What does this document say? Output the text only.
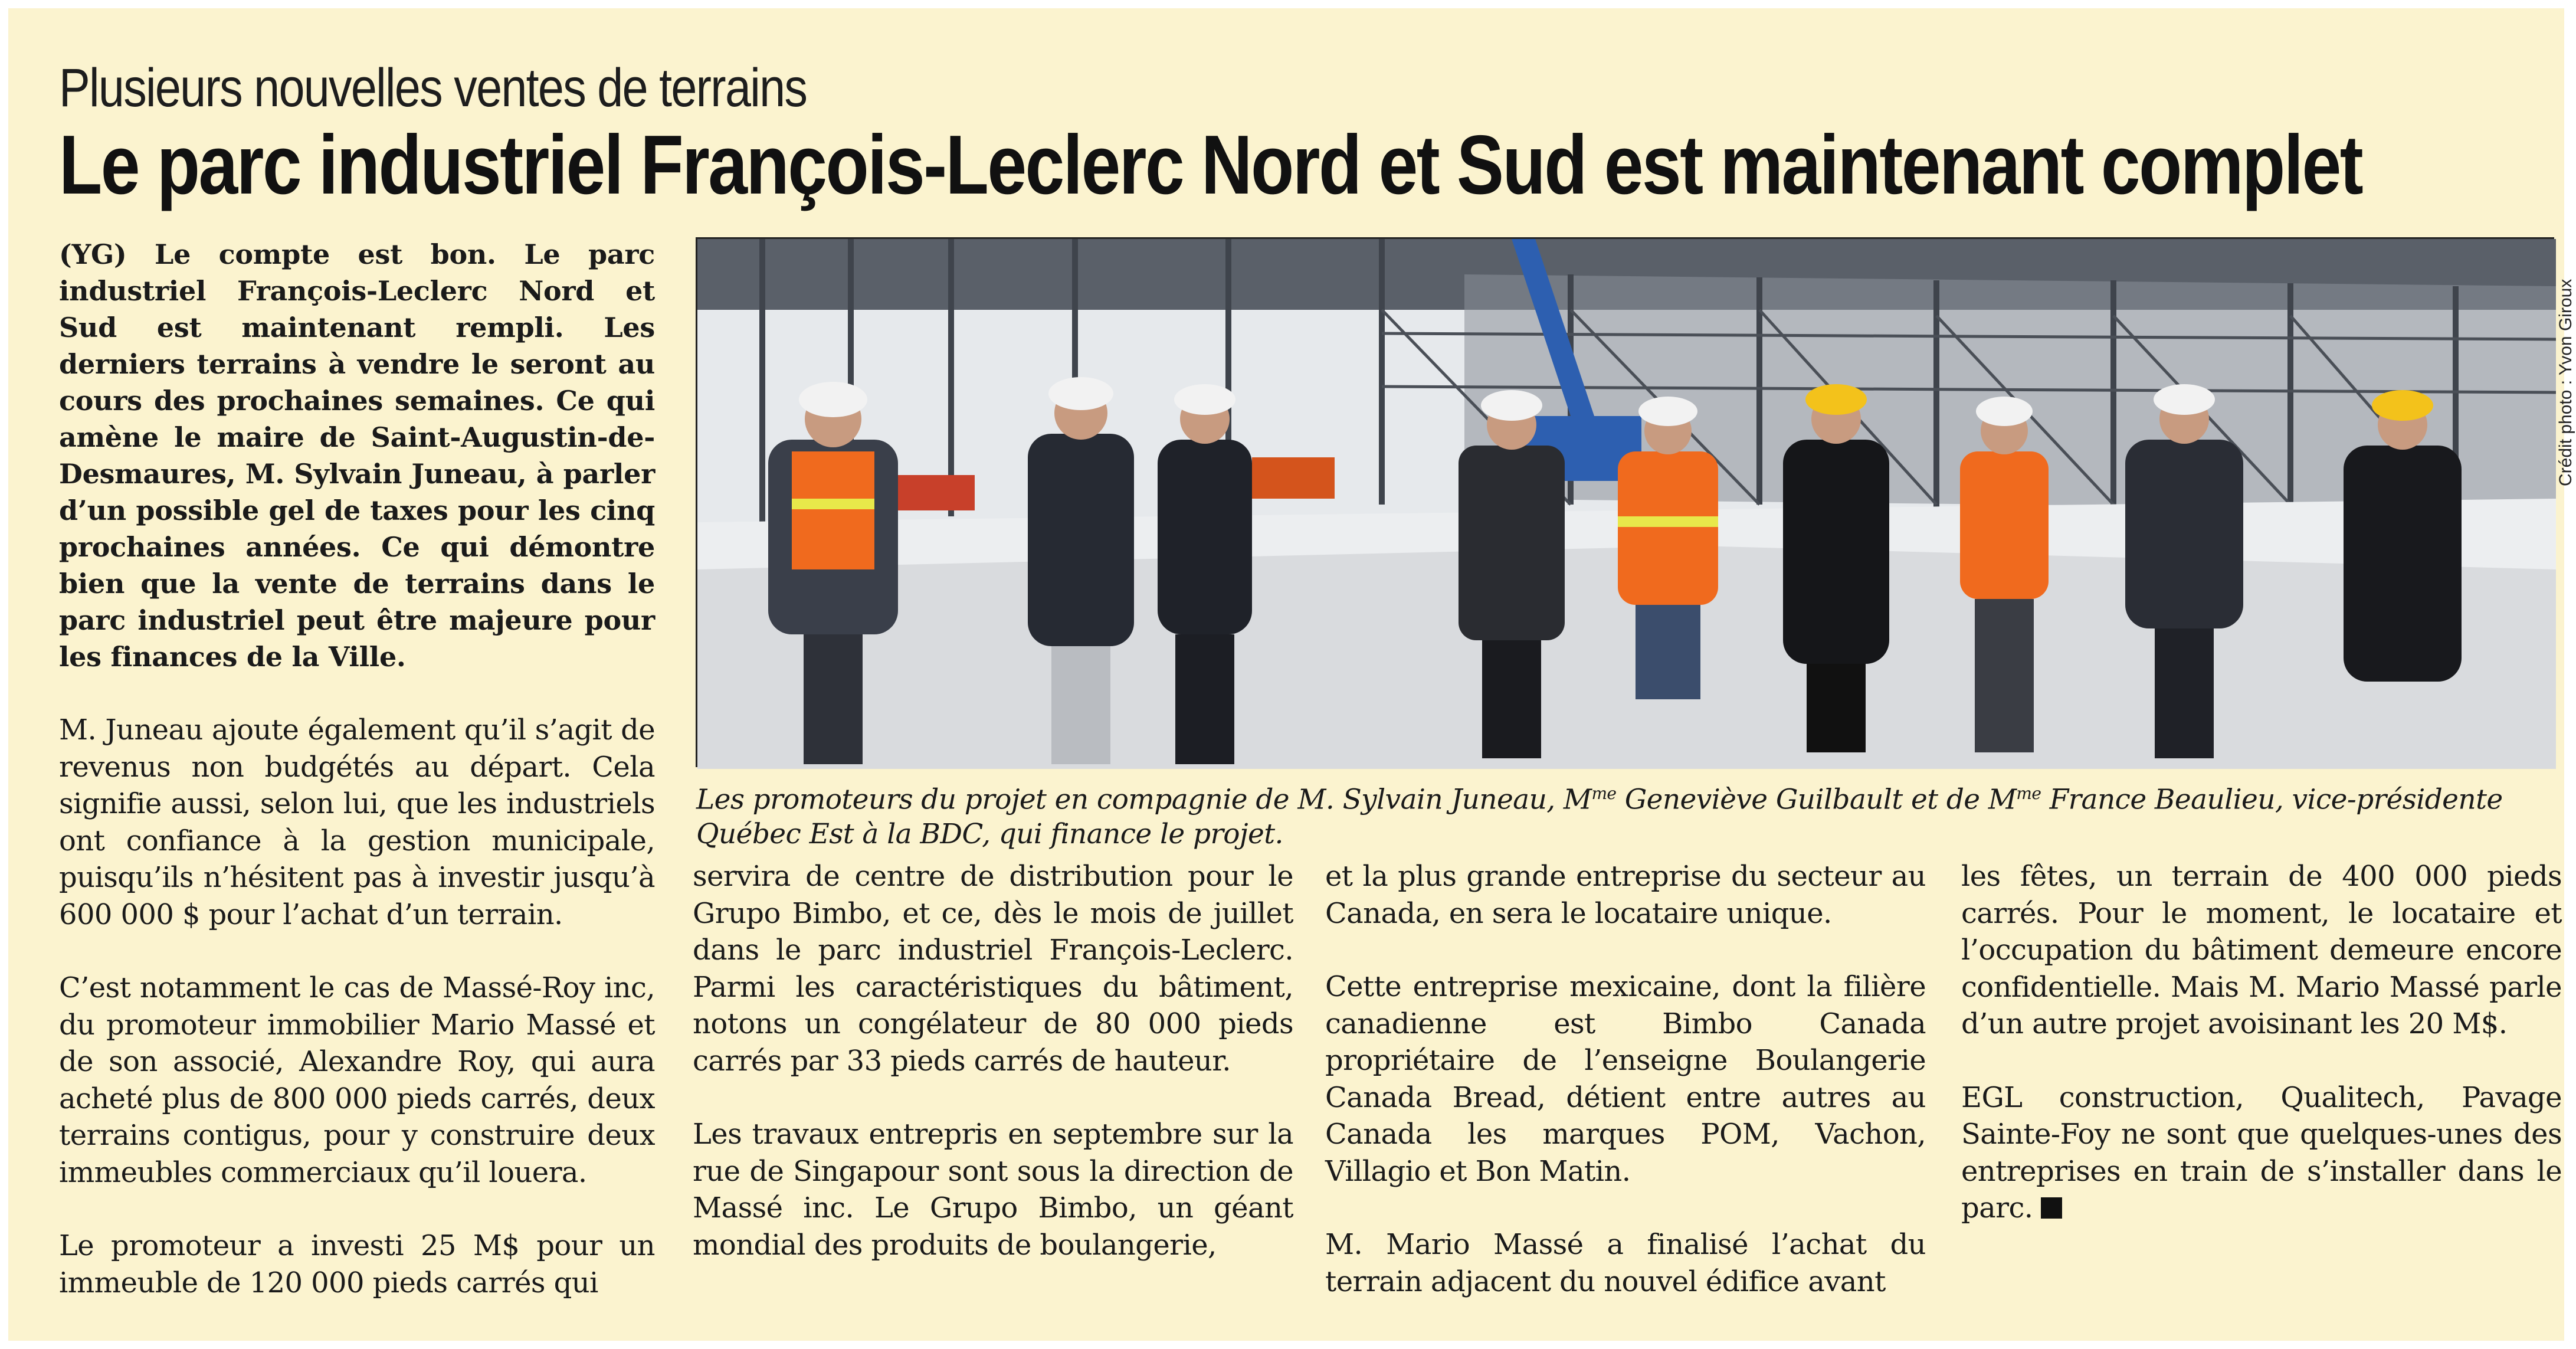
Plusieurs nouvelles ventes de terrains
Le parc industriel François-Leclerc Nord et Sud est maintenant complet
(YG) Le compte est bon. Le parc industriel François-Leclerc Nord et Sud est maintenant rempli. Les derniers terrains à vendre le seront au cours des prochaines semaines. Ce qui amène le maire de Saint-Augustin-de-Desmaures, M. Sylvain Juneau, à parler d’un possible gel de taxes pour les cinq prochaines années. Ce qui démontre bien que la vente de terrains dans le parc industriel peut être majeure pour les finances de la Ville.

M. Juneau ajoute également qu’il s’agit de revenus non budgétés au départ. Cela signifie aussi, selon lui, que les industriels ont confiance à la gestion municipale, puisqu’ils n’hésitent pas à investir jusqu’à 600 000 $ pour l’achat d’un terrain.

C’est notamment le cas de Massé-Roy inc, du promoteur immobilier Mario Massé et de son associé, Alexandre Roy, qui aura acheté plus de 800 000 pieds carrés, deux terrains contigus, pour y construire deux immeubles commerciaux qu’il louera.

Le promoteur a investi 25 M$ pour un immeuble de 120 000 pieds carrés qui

Crédit photo : Yvon Giroux
Les promoteurs du projet en compagnie de M. Sylvain Juneau, $M^{me}$ Geneviève Guilbault et de $M^{me}$ France Beaulieu, vice-présidente Québec Est à la BDC, qui finance le projet.

servira de centre de distribution pour le Grupo Bimbo, et ce, dès le mois de juillet dans le parc industriel François-Leclerc. Parmi les caractéristiques du bâtiment, notons un congélateur de 80 000 pieds carrés par 33 pieds carrés de hauteur.

Les travaux entrepris en septembre sur la rue de Singapour sont sous la direction de Massé inc. Le Grupo Bimbo, un géant mondial des produits de boulangerie,

et la plus grande entreprise du secteur au Canada, en sera le locataire unique.

Cette entreprise mexicaine, dont la filière canadienne est Bimbo Canada propriétaire de l’enseigne Boulangerie Canada Bread, détient entre autres au Canada les marques POM, Vachon, Villagio et Bon Matin.

M. Mario Massé a finalisé l’achat du terrain adjacent du nouvel édifice avant

les fêtes, un terrain de 400 000 pieds carrés. Pour le moment, le locataire et l’occupation du bâtiment demeure encore confidentielle. Mais M. Mario Massé parle d’un autre projet avoisinant les 20 M$.

EGL construction, Qualitech, Pavage Sainte-Foy ne sont que quelques-unes des entreprises en train de s’installer dans le parc.
